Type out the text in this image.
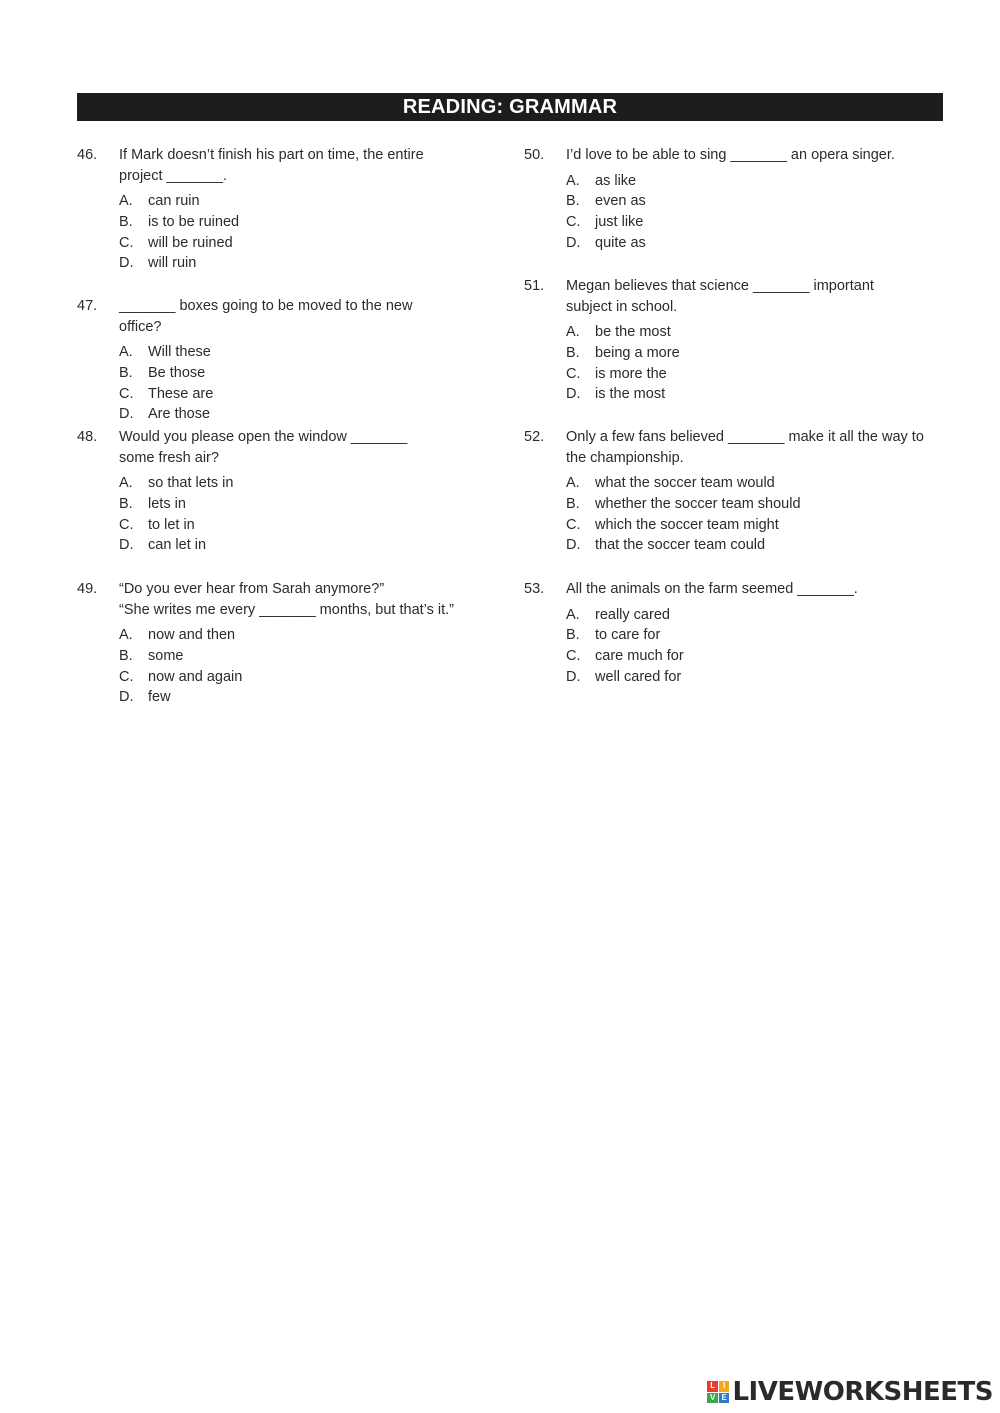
READING: GRAMMAR
46. If Mark doesn’t finish his part on time, the entire
project _______.
A.	can ruin
B.	is to be ruined
C.	will be ruined
D.	will ruin
47. _______ boxes going to be moved to the new office?
A.	Will these
B.	Be those
C.	These are
D.	Are those
48. Would you please open the window _______
some fresh air?
A.	so that lets in
B.	lets in
C.	to let in
D.	can let in
49. “Do you ever hear from Sarah anymore?”
“She writes me every _______ months, but that’s it.”
A.	now and then
B.	some
C.	now and again
D.	few
50. I’d love to be able to sing _______ an opera singer.
A.	as like
B.	even as
C.	just like
D.	quite as
51. Megan believes that science _______ important
subject in school.
A.	be the most
B.	being a more
C.	is more the
D.	is the most
52. Only a few fans believed _______ make it all the way to
the championship.
A.	what the soccer team would
B.	whether the soccer team should
C.	which the soccer team might
D.	that the soccer team could
53. All the animals on the farm seemed _______.
A.	really cared
B.	to care for
C.	care much for
D.	well cared for
L I
V E LIVEWORKSHEETS
